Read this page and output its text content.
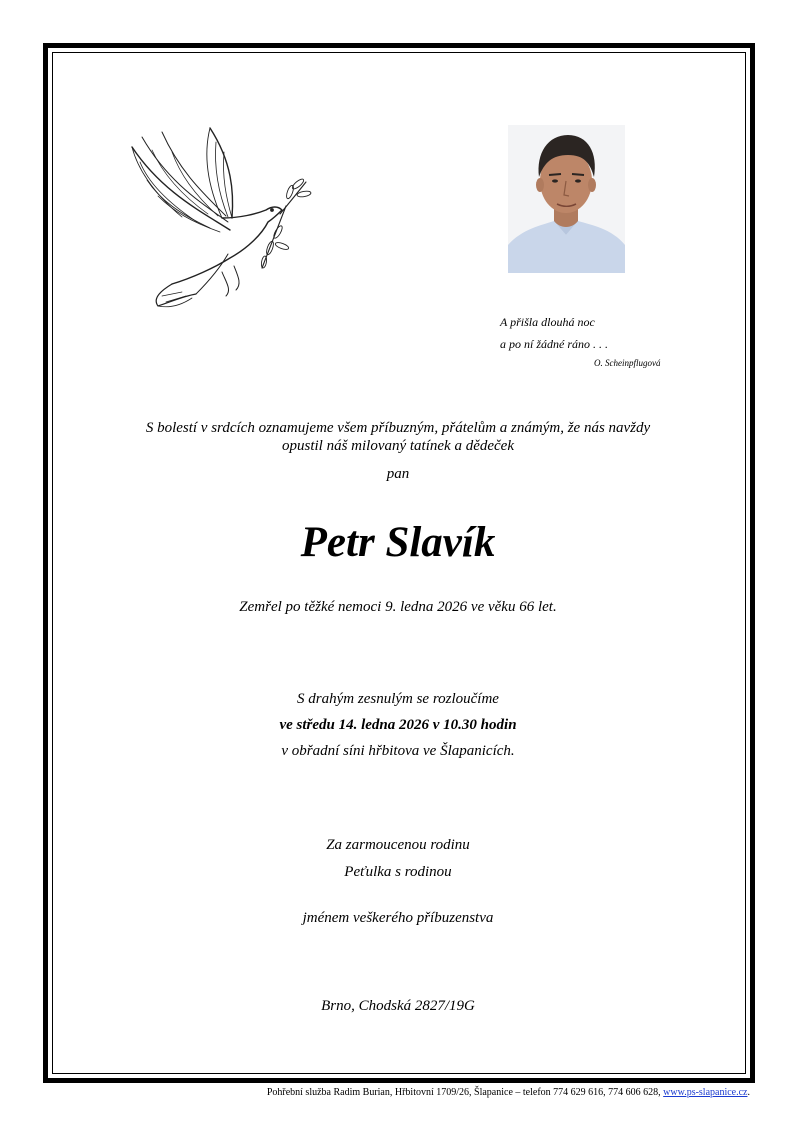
A přišla dlouhá noc
a po ní žádné ráno . . .
O. Scheinpflugová
S bolestí v srdcích oznamujeme všem příbuzným, přátelům a známým, že nás navždy
opustil náš milovaný tatínek a dědeček
pan
Petr Slavík
Zemřel po těžké nemoci 9. ledna 2026 ve věku 66 let.
S drahým zesnulým se rozloučíme
ve středu 14. ledna 2026 v 10.30 hodin
v obřadní síni hřbitova ve Šlapanicích.
Za zarmoucenou rodinu
Peťulka s rodinou
jménem veškerého příbuzenstva
Brno, Chodská 2827/19G
Pohřební služba Radim Burian, Hřbitovní 1709/26, Šlapanice – telefon 774 629 616, 774 606 628, www.ps-slapanice.cz.
